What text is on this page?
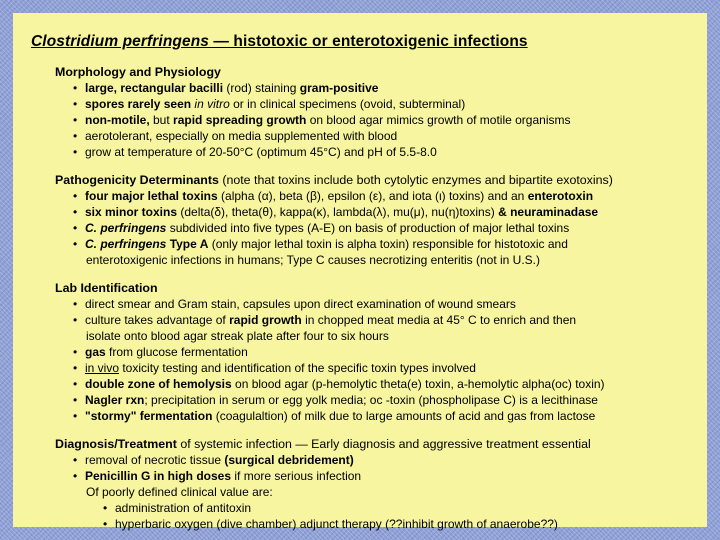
Clostridium perfringens — histotoxic or enterotoxigenic infections
Morphology and Physiology
• large, rectangular bacilli (rod) staining gram-positive
• spores rarely seen in vitro or in clinical specimens (ovoid, subterminal)
• non-motile, but rapid spreading growth on blood agar mimics growth of motile organisms
• aerotolerant, especially on media supplemented with blood
• grow at temperature of 20-50°C (optimum 45°C) and pH of 5.5-8.0
Pathogenicity Determinants (note that toxins include both cytolytic enzymes and bipartite exotoxins)
• four major lethal toxins (alpha (α), beta (β), epsilon (ε), and iota (ι) toxins) and an enterotoxin
• six minor toxins (delta(δ), theta(θ), kappa(κ), lambda(λ), mu(μ), nu(η)toxins) & neuraminadase
• C. perfringens subdivided into five types (A-E) on basis of production of major lethal toxins
• C. perfringens Type A (only major lethal toxin is alpha toxin) responsible for histotoxic and
enterotoxigenic infections in humans; Type C causes necrotizing enteritis (not in U.S.)
Lab Identification
• direct smear and Gram stain, capsules upon direct examination of wound smears
• culture takes advantage of rapid growth in chopped meat media at 45° C to enrich and then
isolate onto blood agar streak plate after four to six hours
• gas from glucose fermentation
• in vivo toxicity testing and identification of the specific toxin types involved
• double zone of hemolysis on blood agar (p-hemolytic theta(e) toxin, a-hemolytic alpha(oc) toxin)
• Nagler rxn; precipitation in serum or egg yolk media; oc -toxin (phospholipase C) is a lecithinase
• "stormy" fermentation (coagulaltion) of milk due to large amounts of acid and gas from lactose
Diagnosis/Treatment of systemic infection — Early diagnosis and aggressive treatment essential
• removal of necrotic tissue (surgical debridement)
• Penicillin G in high doses if more serious infection
Of poorly defined clinical value are:
• administration of antitoxin
• hyperbaric oxygen (dive chamber) adjunct therapy (??inhibit growth of anaerobe??)
